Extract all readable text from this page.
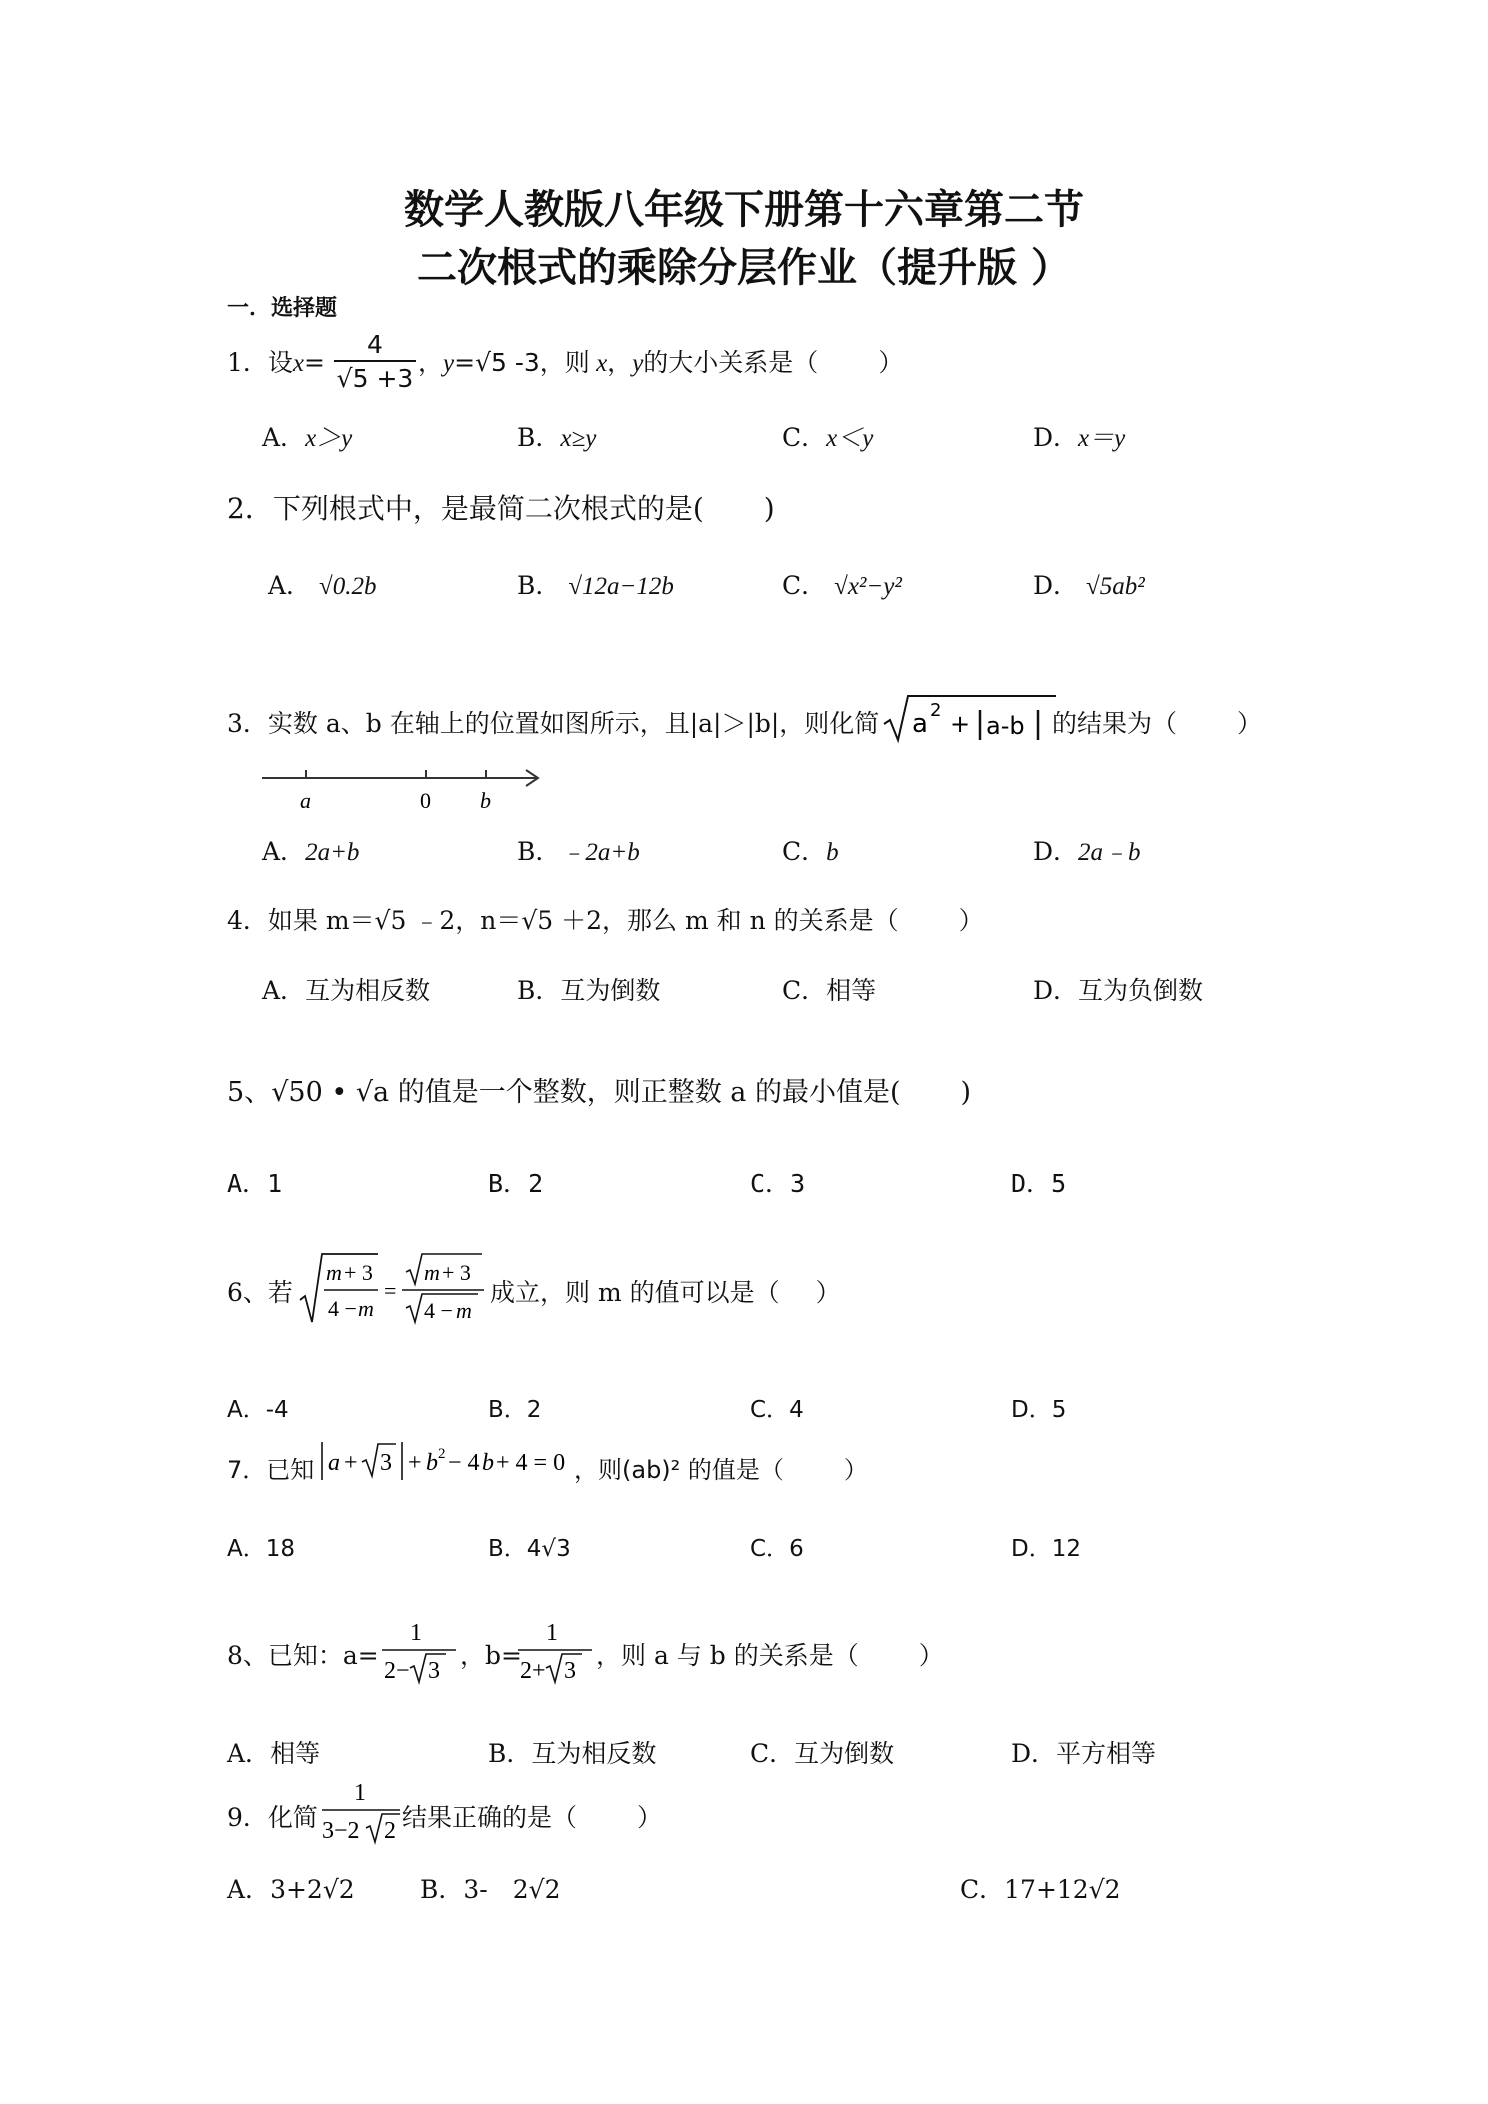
数学人教版八年级下册第十六章第二节
二次根式的乘除分层作业（提升版 ）
一．选择题
1．设x=
4
√5 +3
，y=√5 -3，则 x，y的大小关系是（ ）
A．x＞y	B．x≥y	C．x＜y	D．x＝y
2．下列根式中，是最简二次根式的是( )
A． √0.2b	B． √12a−12b	C． √x²−y²	D． √5ab²
3．实数 a、b 在轴上的位置如图所示，且|a|＞|b|，则化简 a 2 + a-b 的结果为（ ）
a	0 b
A．2a+b	B．﹣2a+b	C．b	D．2a﹣b
4．如果 m＝√5 ﹣2，n＝√5 ＋2，那么 m 和 n 的关系是（ ）
A．互为相反数	B．互为倒数	C．相等	D．互为负倒数
5、√50 • √a 的值是一个整数，则正整数 a 的最小值是( )
A．1	B．2	C．3	D．5
6、若
m + 3
4 − m
=
m + 3
4 − m
成立，则 m 的值可以是（ ）
A．-4	B．2	C．4	D．5
7．已知 a + 3 + b 2 − 4 b + 4 = 0 ，则(ab)² 的值是（	）
A．18	B．4√3	C．6	D．12
8、已知：a=
1
2− 3
，b=
1
2+ 3
，则 a 与 b 的关系是（ ）
A．相等	B．互为相反数	C．互为倒数	D．平方相等
9．化简
1
3−2 2 结果正确的是（ ）
A．3+2√2	B．3-　2√2	C．17+12√2
